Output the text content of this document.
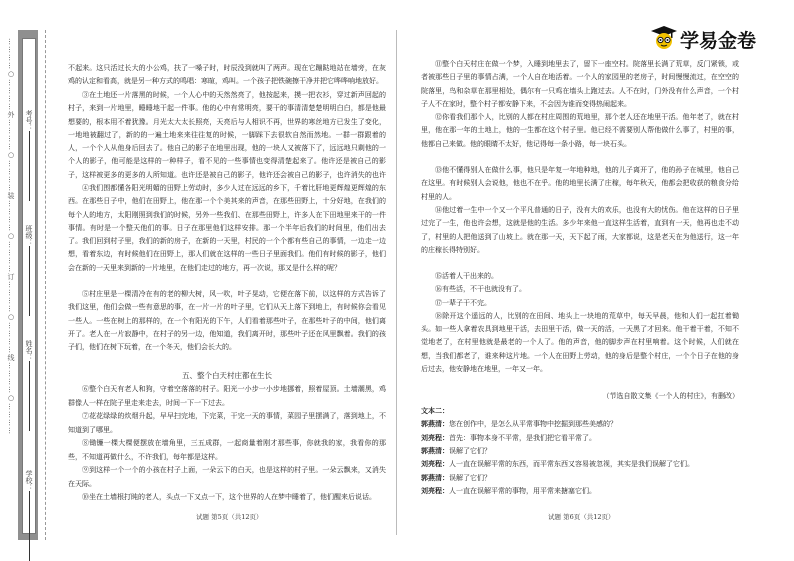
…………○…………外…………○…………装…………○…………订…………○…………线…………○…………
学校：
姓名：
班级：
考号：
学易金卷

不起来。这只活过长大的小公鸡，扶了一嗓子时，时辰没到就叫了两声。现在它蹦跶地站在墙旁，在灰鸡的认定和看高，就是另一种方式的鸣唱：寒暄，鸡叫。一个孩子把铁碗擦干净并把它哗哗响地放好。

③在土地还一片落黑的时候，一个人心中的天然然亮了，他按起来，摸一把衣衫，穿过新声回起的村子，来到一片地里，睡睡地干起一件事。他的心中有常明亮，要干的事清清楚楚明明白白，都是他最想要的，根本用不着犹豫。月光太大太长照亮，天亮后与人相识不再，世界的寒丝地方已发生了变化，一地地被翻过了，新的的一遍土地来来往往复的时候，一脚踩下去很软自然而然地。一群一群跟着的人，一个个人从他身后回去了。他自己的影子在地里出现，他的一块人又被落下了，远远地只剩他的一个人的影子，他可能是这样的一种样子，看不见的一些事情也变得清楚起来了。他许还是被自己的影子，这样被更多的更多的人所知道。也许还是被自己的影子，他许还会被自己的影子，也许消失的也许

④我们围都懂各阳光明媚的田野上劳动时，多少人过在远远的乡下，千着比肝地更辉煌更辉煌的东西。在那些日子中，他们在田野上，他在那一个个美其来的声音，在那些田野上，十分好地，在我们的每个人的地方，太阳刚照到我们的时候，另外一些我们、在那些田野上，许多人在下田地里来干的一件事情。有时是一个整天他们的事。日子在那里他们这样安排。那一个半年后我们的时间里，他们出去了。我们回到村子里，我们的新的房子，在新的一天里，村民的一个个都有些自己的事情，一边走一边想，看着东边，有时候他们在田野上，那人们就在这样的一些日子里面我们。他们有时候的影子，他们会在新的一天里来到新的一片地里，在他们走过的地方，再一次说，那又是什么样的呢？

⑤村庄里是一棵清冷在有的老的柳大树，风一吹，叶子晃动，它便在落下前，以这样的方式告诉了我们这里，他们会做一些有意思的事，在一片一片的叶子里，它们从天上落下到地上，有时候你会看见一些人。一些在树上的那样的，在一个有阳光的下午，人们看着那些叶子，在那些叶子的中间，他们离开了。老人在一片寂静中，在村子的另一边，他知道，我们离开时，那些叶子还在风里飘着。我们的孩子们，他们在树下玩着，在一个冬天，他们会长大的。

五、整个白天村庄都在生长

⑥整个白天有老人和狗，守着空落落的村子。阳光一小步一小步地挪着，照着屋顶。土墙潮黑，鸡群像人一样在院子里走来走去，时间一下一下过去。

⑦花花绿绿的炊烟升起，早早扫完地，下完菜，干完一天的事情，菜园子里摆满了，落到地上，不知道到了哪里。

⑧锄镰一棵大棵便摆放在墙角里，三五成群，一起商量着刚才那些事，你就我的家，我看你的那些，不知道再做什么，不许我们，每年都是这样。

⑨到这样一个一个的小孩在村子上面，一朵云下的白天，也是这样的村子里。一朵云飘来，又消失在天际。

⑩坐在土墙根打盹的老人，头点一下又点一下，这个世界的人在梦中睡着了，他们醒来后说话。

⑪整个白天村庄在做一个梦，入睡到地里去了，留下一座空村。院落里长满了荒草，反门紧锁，或者被那些日子里的事情占满，一个人自在地活着。一个人的家园里的老房子，时间慢慢流过，在空空的院落里，鸟和杂草在那里相处，偶尔有一只鸡在墙头上跑过去。人不在时，门外没有什么声音，一个村子人不在家时，整个村子都安静下来，不会因为谁而变得热闹起来。

⑫你看我们那个人，比别的人都在村庄周围的荒地里，那个老人还在地里干活。他年老了，就在村里，他在那一年的土地上，他的一生都在这个村子里。他已经不需要别人帮他做什么事了，村里的事，他都自己来做。他的眼睛不太好，他记得每一条小路，每一块石头。

⑬他不懂得别人在做什么事，他只是年复一年地种地，他的儿子离开了，他的孙子在城里，他自己在这里。有时候别人会说他，他也不在乎。他的地里长满了庄稼，每年秋天，他都会把收获的粮食分给村里的人。

⑭他过着一生中一个又一个平凡普通的日子，没有大的欢乐，也没有大的忧伤。他在这样的日子里过完了一生，他也许会想，这就是他的生活。多少年来他一直这样生活着，直到有一天，他再也走不动了，村里的人把他送到了山坡上。就在那一天，天下起了雨，大家都说，这是老天在为他送行，这一年的庄稼长得特别好。

⑮活着人干出来的。

⑯有些活，不干也就没有了。

⑰一辈子干不完。

⑱除开这个遥远的人，比别的在田间、地头上一块地的荒草中，每天早晨，他和人们一起扛着锄头。如一些人拿着农具到地里干活，去田里干活，做一天的活，一天黑了才回来。他干着干着，不知不觉地老了，在村里他就是最老的一个人了。他的声音，他的脚步声在村里响着。这个时候，人们就在想，当我们都老了，谁来种这片地。一个人在田野上劳动，他的身后是整个村庄，一个个日子在他的身后过去，他安静地在地里，一年又一年。

（节选自散文集《一个人的村庄》，有删改）

文本二：

郭燕清：您在创作中，是怎么从平常事物中挖掘到那些美感的？

刘亮程：首先：事物本身不平常，是我们把它看平常了。

郭燕清：误解了它们？

刘亮程：人一直在误解平常的东西，而平常东西又容易被忽视，其实是我们误解了它们。

郭燕清：误解了它们？

刘亮程：人一直在误解平常的事物，用平常来搪塞它们。

试题 第5页（共12页）	试题 第6页（共12页）
